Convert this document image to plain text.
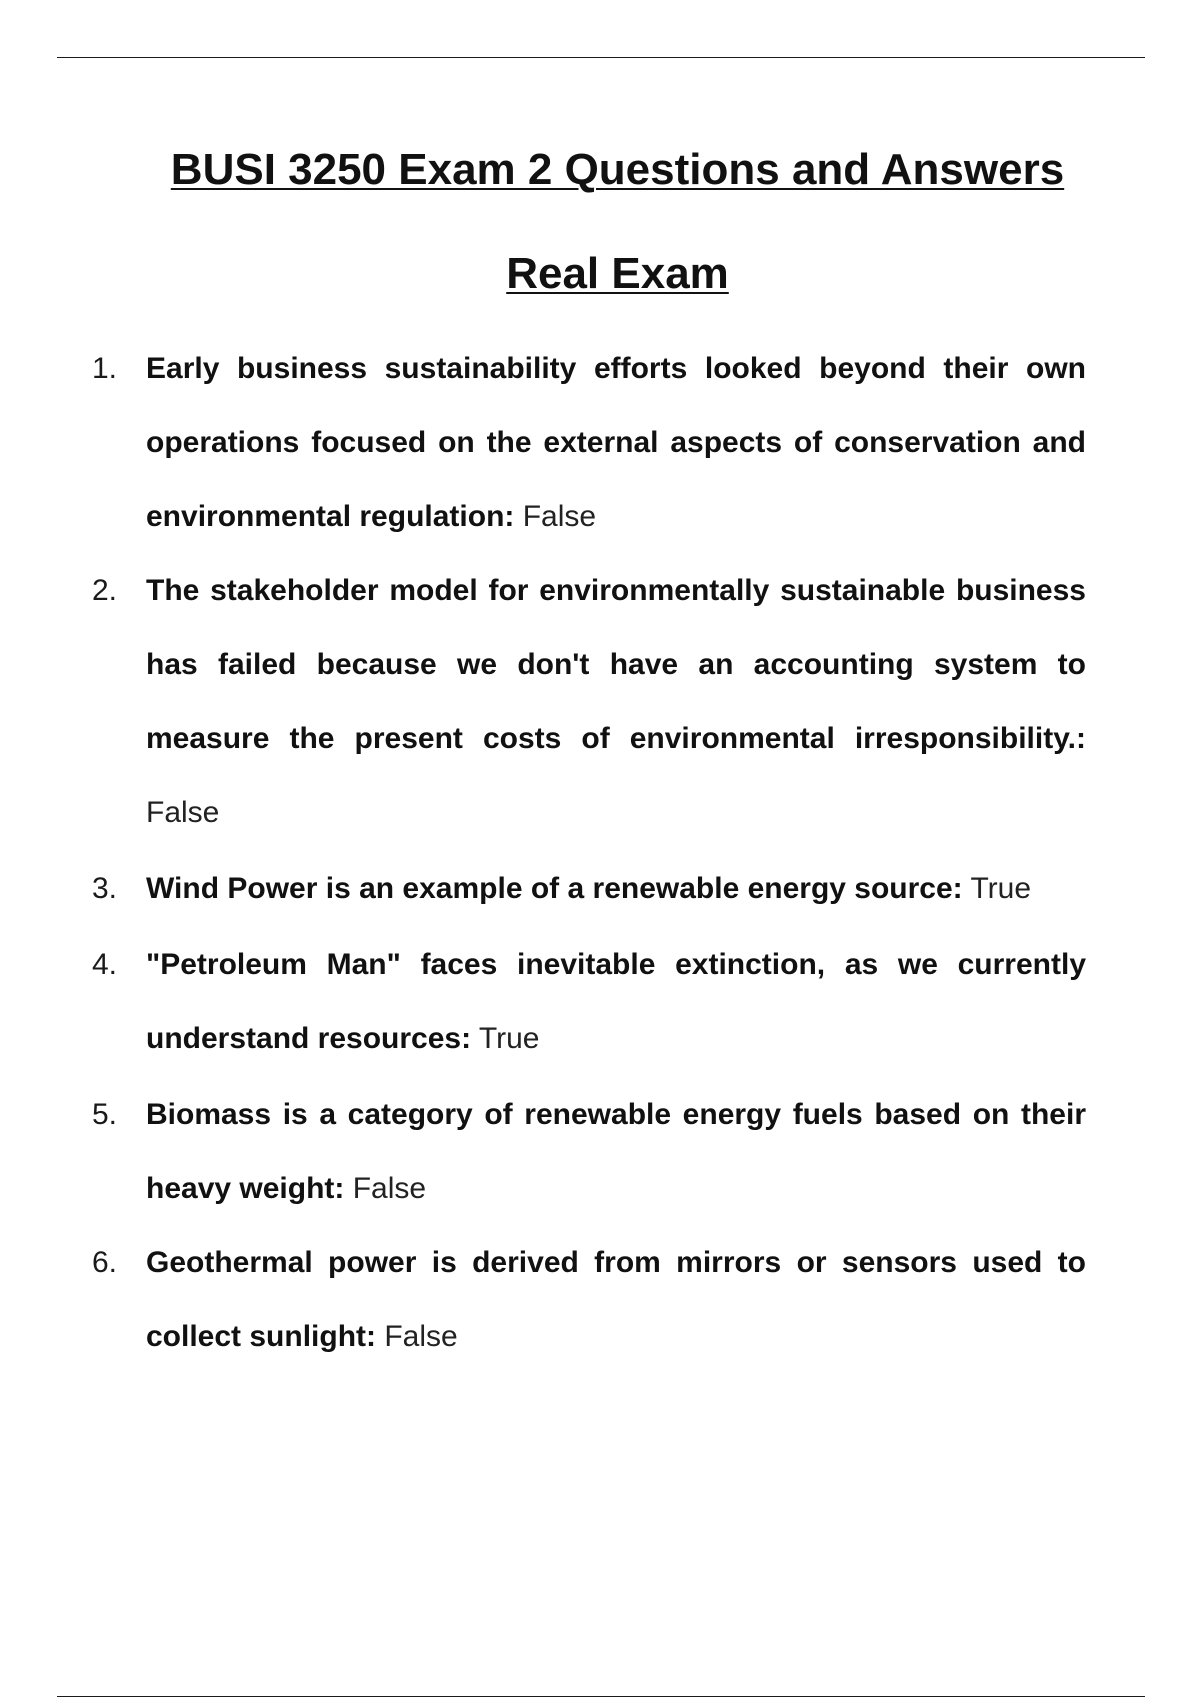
BUSI 3250 Exam 2 Questions and Answers
Real Exam
1. Early business sustainability efforts looked beyond their own operations focused on the external aspects of conservation and environmental regulation: False
2. The stakeholder model for environmentally sustainable business has failed because we don't have an accounting system to measure the present costs of environmental irresponsibility.: False
3. Wind Power is an example of a renewable energy source: True
4. "Petroleum Man" faces inevitable extinction, as we currently understand resources: True
5. Biomass is a category of renewable energy fuels based on their heavy weight: False
6. Geothermal power is derived from mirrors or sensors used to collect sunlight: False
